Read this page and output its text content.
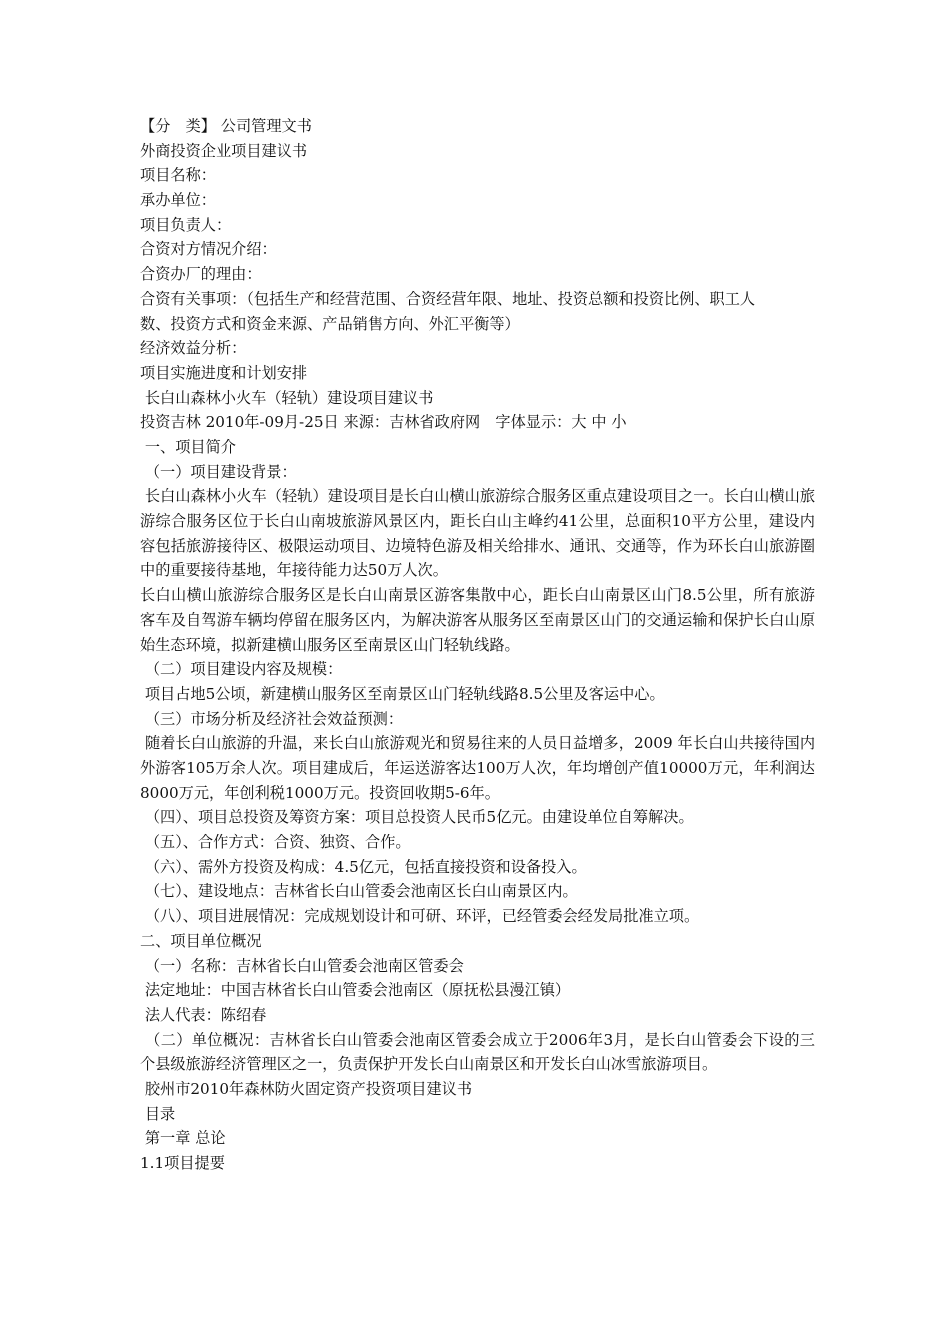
【分　类】 公司管理文书
外商投资企业项目建议书
项目名称：
承办单位：
项目负责人：
合资对方情况介绍：
合资办厂的理由：
合资有关事项：（包括生产和经营范围、合资经营年限、地址、投资总额和投资比例、职工人
数、投资方式和资金来源、产品销售方向、外汇平衡等）
经济效益分析：
项目实施进度和计划安排
长白山森林小火车（轻轨）建设项目建议书
投资吉林 2010年-09月-25日 来源：吉林省政府网　字体显示：大 中 小
一、项目简介
（一）项目建设背景：
长白山森林小火车（轻轨）建设项目是长白山横山旅游综合服务区重点建设项目之一。长白山横山旅游综合服务区位于长白山南坡旅游风景区内，距长白山主峰约41公里，总面积10平方公里，建设内容包括旅游接待区、极限运动项目、边境特色游及相关给排水、通讯、交通等，作为环长白山旅游圈中的重要接待基地，年接待能力达50万人次。
长白山横山旅游综合服务区是长白山南景区游客集散中心，距长白山南景区山门8.5公里，所有旅游客车及自驾游车辆均停留在服务区内，为解决游客从服务区至南景区山门的交通运输和保护长白山原始生态环境，拟新建横山服务区至南景区山门轻轨线路。
（二）项目建设内容及规模：
项目占地5公顷，新建横山服务区至南景区山门轻轨线路8.5公里及客运中心。
（三）市场分析及经济社会效益预测：
随着长白山旅游的升温，来长白山旅游观光和贸易往来的人员日益增多，2009 年长白山共接待国内外游客105万余人次。项目建成后，年运送游客达100万人次，年均增创产值10000万元，年利润达8000万元，年创利税1000万元。投资回收期5-6年。
（四）、项目总投资及筹资方案：项目总投资人民币5亿元。由建设单位自筹解决。
（五）、合作方式：合资、独资、合作。
（六）、需外方投资及构成：4.5亿元，包括直接投资和设备投入。
（七）、建设地点：吉林省长白山管委会池南区长白山南景区内。
（八）、项目进展情况：完成规划设计和可研、环评，已经管委会经发局批准立项。
二、项目单位概况
（一）名称：吉林省长白山管委会池南区管委会
法定地址：中国吉林省长白山管委会池南区（原抚松县漫江镇）
法人代表：陈绍春
（二）单位概况：吉林省长白山管委会池南区管委会成立于2006年3月，是长白山管委会下设的三个县级旅游经济管理区之一，负责保护开发长白山南景区和开发长白山冰雪旅游项目。
胶州市2010年森林防火固定资产投资项目建议书
目录
第一章 总论
1.1项目提要
